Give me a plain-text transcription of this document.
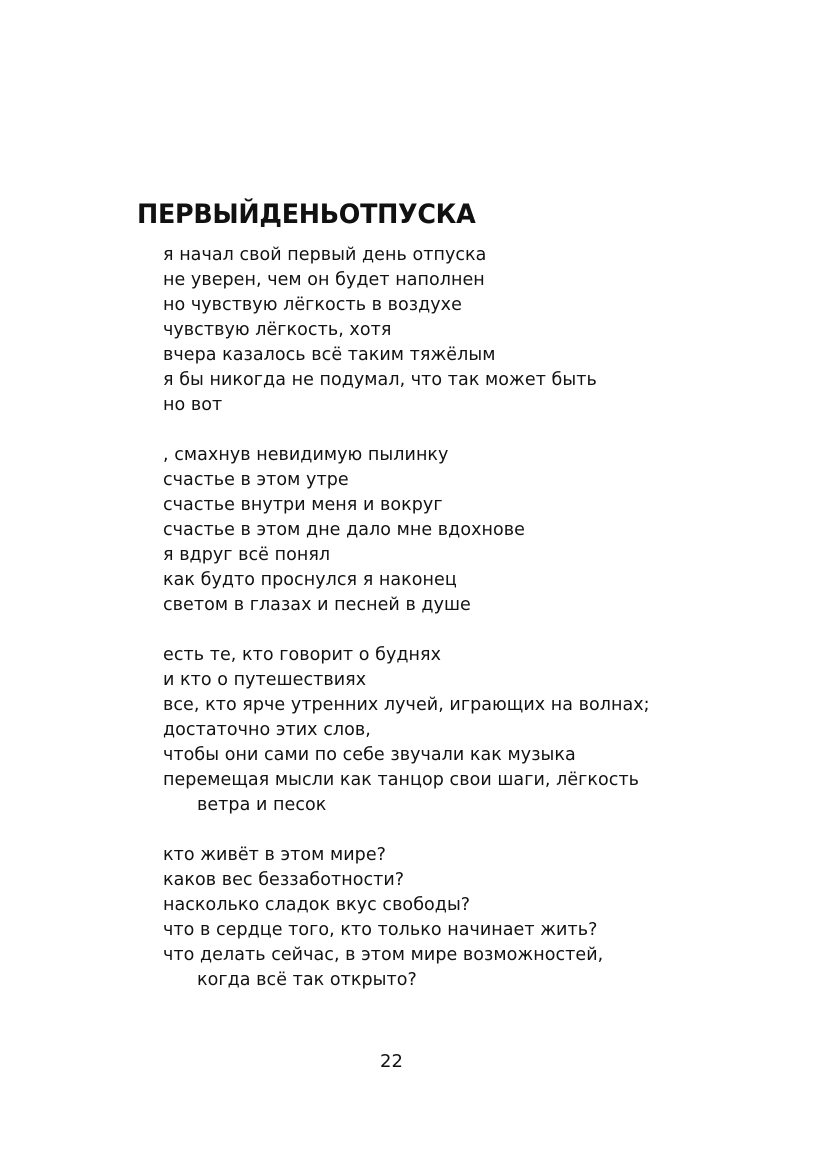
ПЕРВЫЙДЕНЬОТПУСКА
я начал свой первый день отпуска
не уверен, чем он будет наполнен
но чувствую лёгкость в воздухе
чувствую лёгкость, хотя
вчера казалось всё таким тяжёлым
я бы никогда не подумал, что так может быть
но вот
, смахнув невидимую пылинку
счастье в этом утре
счастье внутри меня и вокруг
счастье в этом дне дало мне вдохнове
я вдруг всё понял
как будто проснулся я наконец
светом в глазах и песней в душе
есть те, кто говорит о буднях
и кто о путешествиях
все, кто ярче утренних лучей, играющих на волнах;
достаточно этих слов,
чтобы они сами по себе звучали как музыка
перемещая мысли как танцор свои шаги, лёгкость
ветра и песок
кто живёт в этом мире?
каков вес беззаботности?
насколько сладок вкус свободы?
что в сердце того, кто только начинает жить?
что делать сейчас, в этом мире возможностей,
когда всё так открыто?
22
